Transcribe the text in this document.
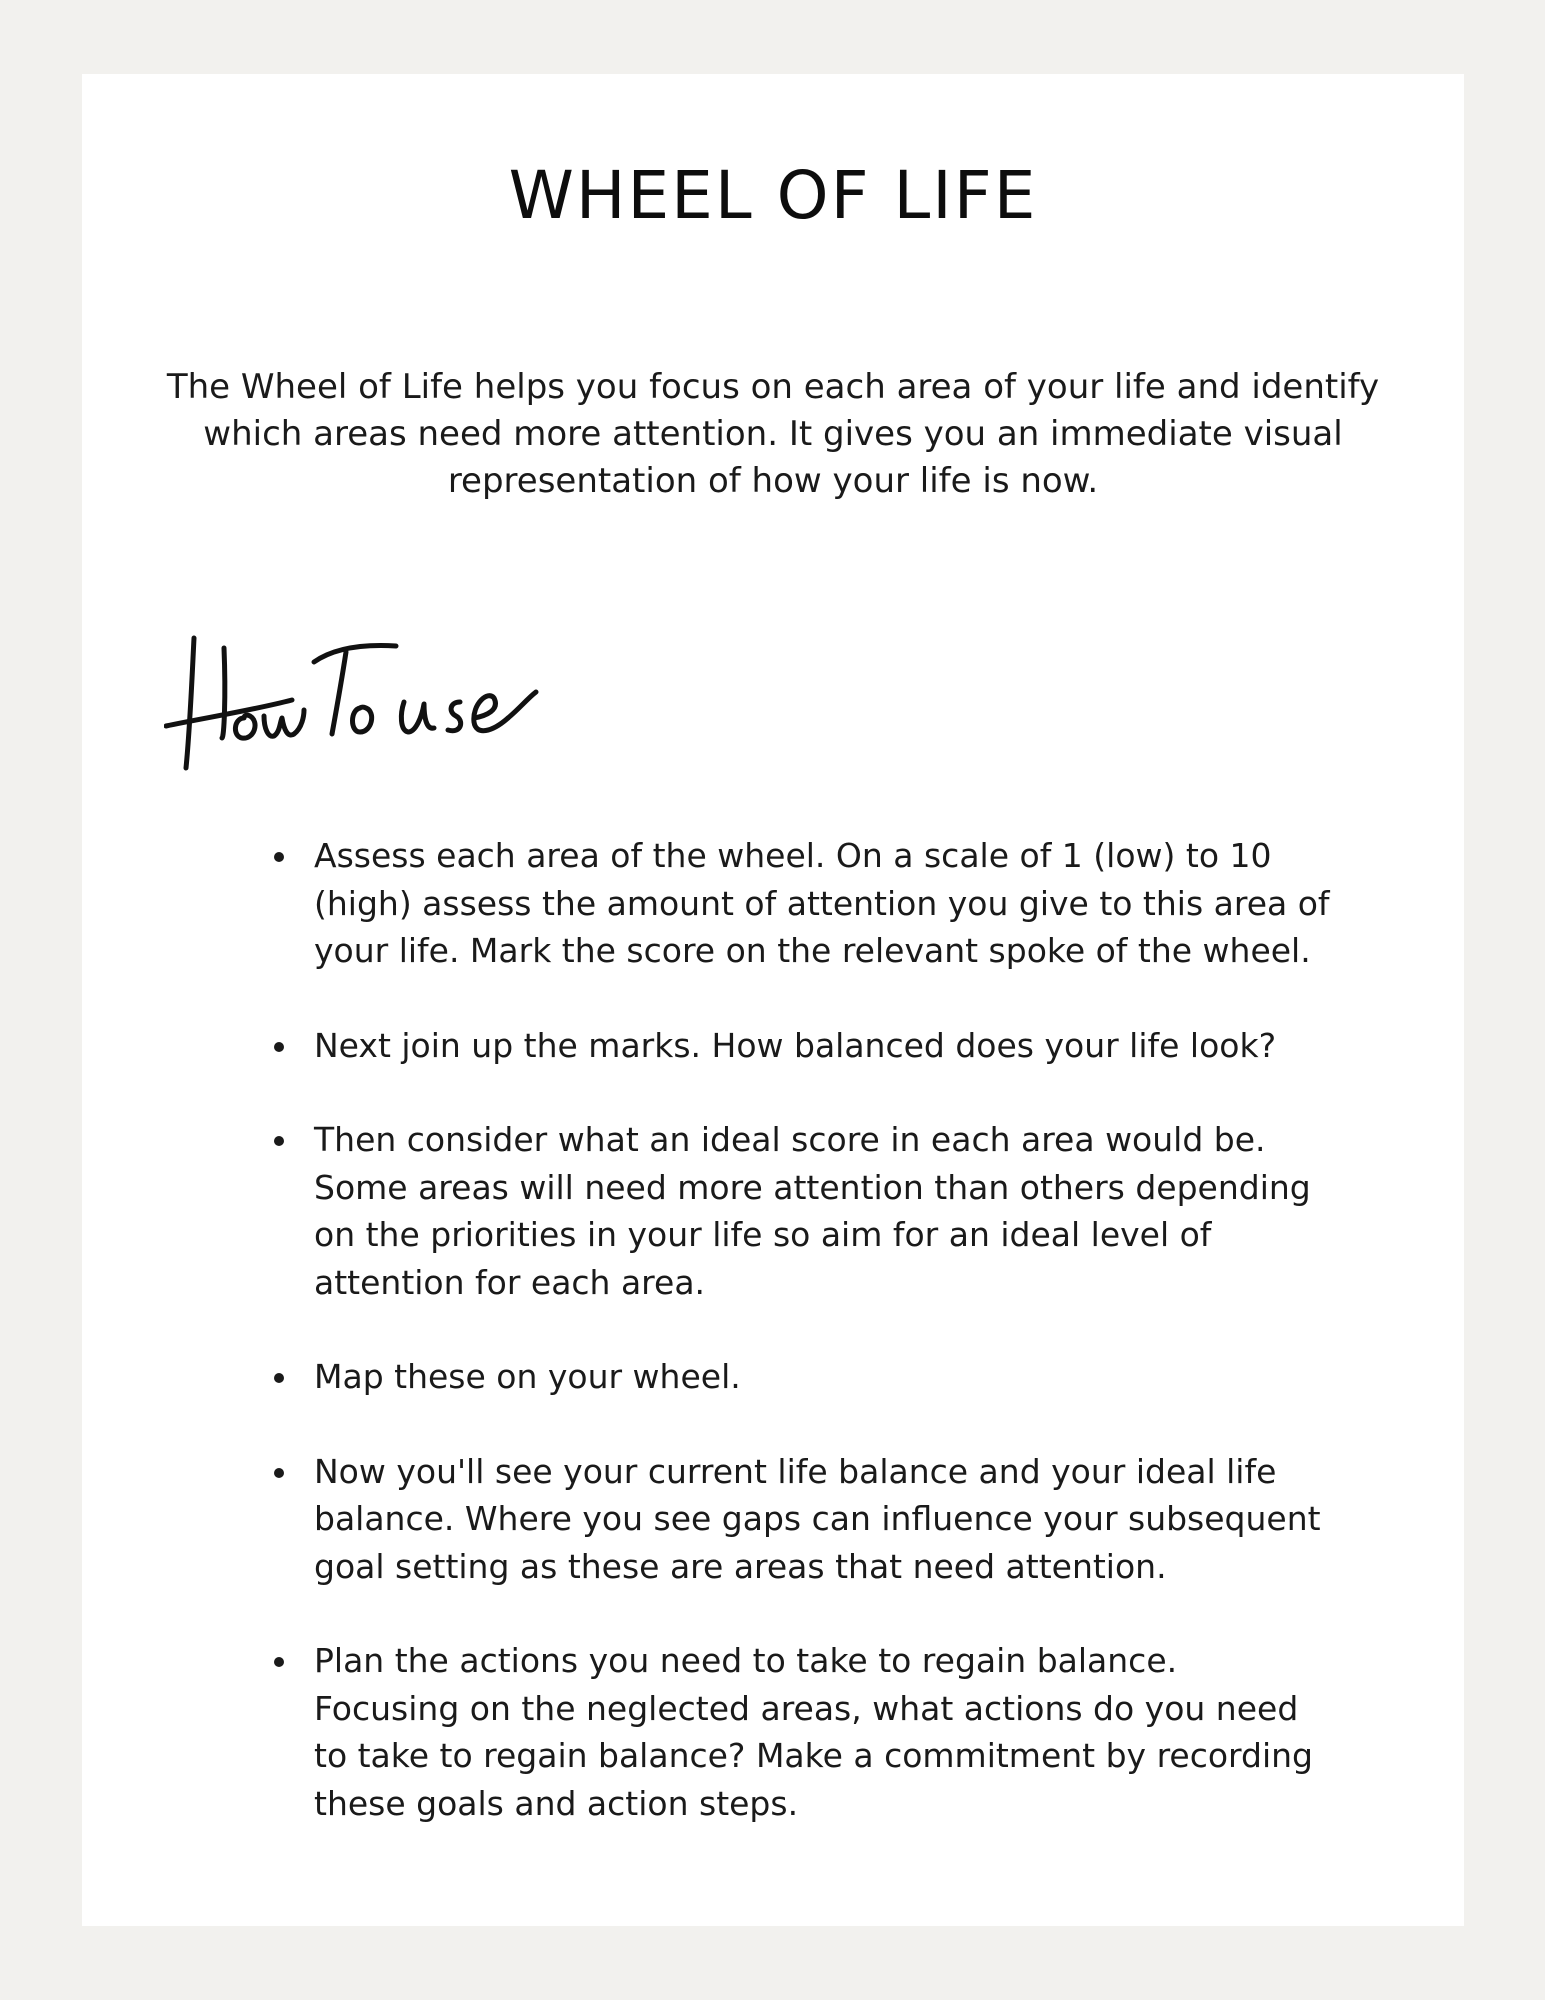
WHEEL OF LIFE

The Wheel of Life helps you focus on each area of your life and identify
which areas need more attention. It gives you an immediate visual
representation of how your life is now.

Assess each area of the wheel. On a scale of 1 (low) to 10
(high) assess the amount of attention you give to this area of
your life. Mark the score on the relevant spoke of the wheel.
Next join up the marks. How balanced does your life look?
Then consider what an ideal score in each area would be.
Some areas will need more attention than others depending
on the priorities in your life so aim for an ideal level of
attention for each area.
Map these on your wheel.
Now you'll see your current life balance and your ideal life
balance. Where you see gaps can influence your subsequent
goal setting as these are areas that need attention.
Plan the actions you need to take to regain balance.
Focusing on the neglected areas, what actions do you need
to take to regain balance? Make a commitment by recording
these goals and action steps.
